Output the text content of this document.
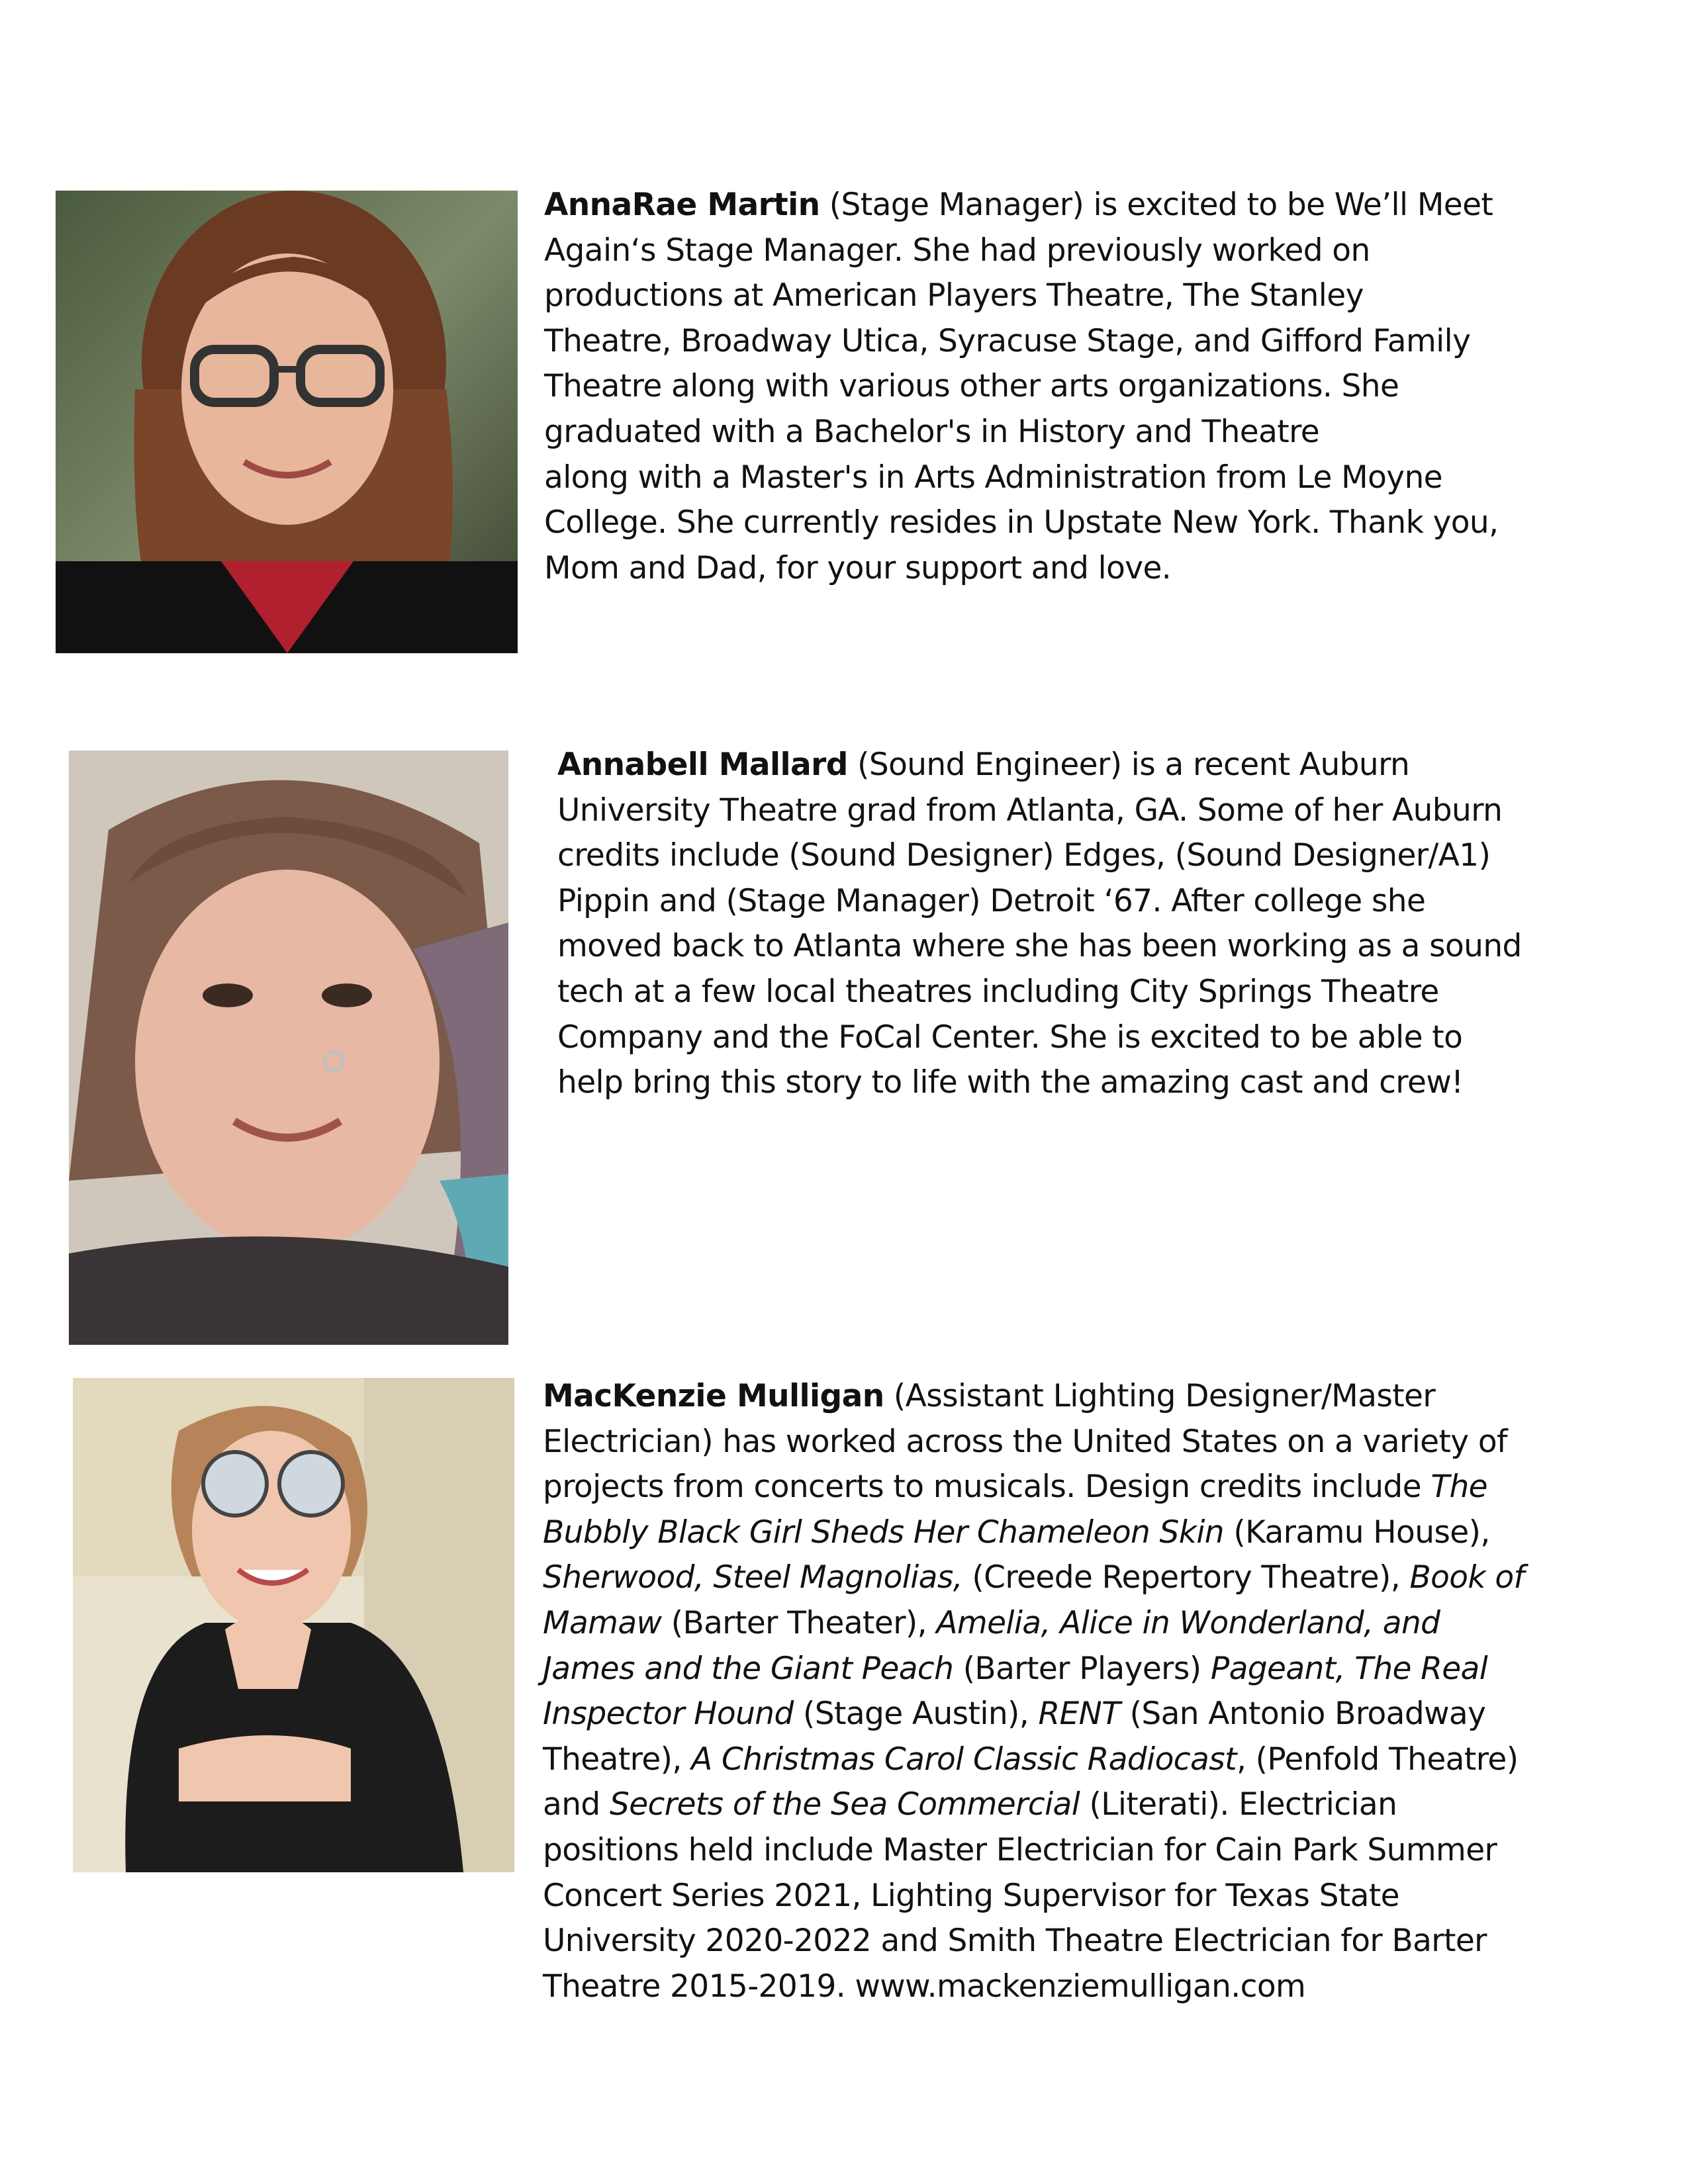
AnnaRae Martin (Stage Manager) is excited to be We’ll Meet
Again‘s Stage Manager. She had previously worked on
productions at American Players Theatre, The Stanley
Theatre, Broadway Utica, Syracuse Stage, and Gifford Family
Theatre along with various other arts organizations. She
graduated with a Bachelor's in History and Theatre
along with a Master's in Arts Administration from Le Moyne
College. She currently resides in Upstate New York. Thank you,
Mom and Dad, for your support and love.
Annabell Mallard (Sound Engineer) is a recent Auburn
University Theatre grad from Atlanta, GA. Some of her Auburn
credits include (Sound Designer) Edges, (Sound Designer/A1)
Pippin and (Stage Manager) Detroit ‘67. After college she
moved back to Atlanta where she has been working as a sound
tech at a few local theatres including City Springs Theatre
Company and the FoCal Center. She is excited to be able to
help bring this story to life with the amazing cast and crew!
MacKenzie Mulligan (Assistant Lighting Designer/Master
Electrician) has worked across the United States on a variety of
projects from concerts to musicals. Design credits include The
Bubbly Black Girl Sheds Her Chameleon Skin (Karamu House),
Sherwood, Steel Magnolias, (Creede Repertory Theatre), Book of
Mamaw (Barter Theater), Amelia, Alice in Wonderland, and
James and the Giant Peach (Barter Players) Pageant, The Real
Inspector Hound (Stage Austin), RENT (San Antonio Broadway
Theatre), A Christmas Carol Classic Radiocast, (Penfold Theatre)
and Secrets of the Sea Commercial (Literati). Electrician
positions held include Master Electrician for Cain Park Summer
Concert Series 2021, Lighting Supervisor for Texas State
University 2020-2022 and Smith Theatre Electrician for Barter
Theatre 2015-2019. www.mackenziemulligan.com
